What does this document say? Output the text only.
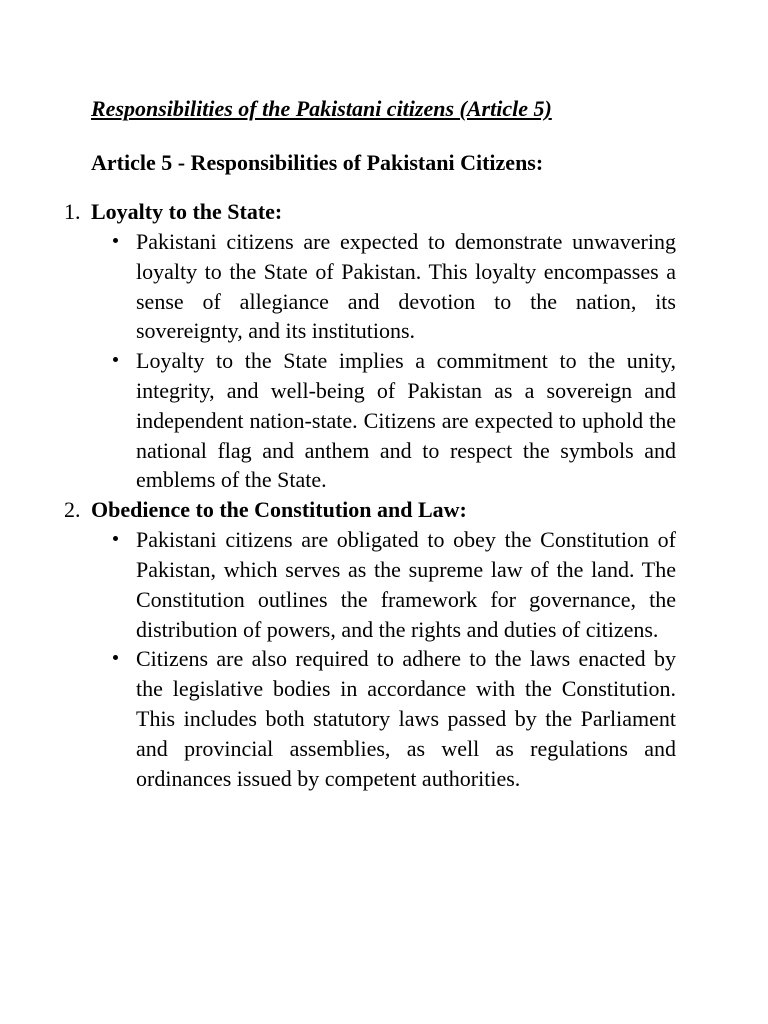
Responsibilities of the Pakistani citizens (Article 5)
Article 5 - Responsibilities of Pakistani Citizens:
1. Loyalty to the State:

Pakistani citizens are expected to demonstrate unwavering loyalty to the State of Pakistan. This loyalty encompasses a sense of allegiance and devotion to the nation, its sovereignty, and its institutions.

Loyalty to the State implies a commitment to the unity, integrity, and well-being of Pakistan as a sovereign and independent nation-state. Citizens are expected to uphold the national flag and anthem and to respect the symbols and emblems of the State.

2. Obedience to the Constitution and Law:

Pakistani citizens are obligated to obey the Constitution of Pakistan, which serves as the supreme law of the land. The Constitution outlines the framework for governance, the distribution of powers, and the rights and duties of citizens.

Citizens are also required to adhere to the laws enacted by the legislative bodies in accordance with the Constitution. This includes both statutory laws passed by the Parliament and provincial assemblies, as well as regulations and ordinances issued by competent authorities.
